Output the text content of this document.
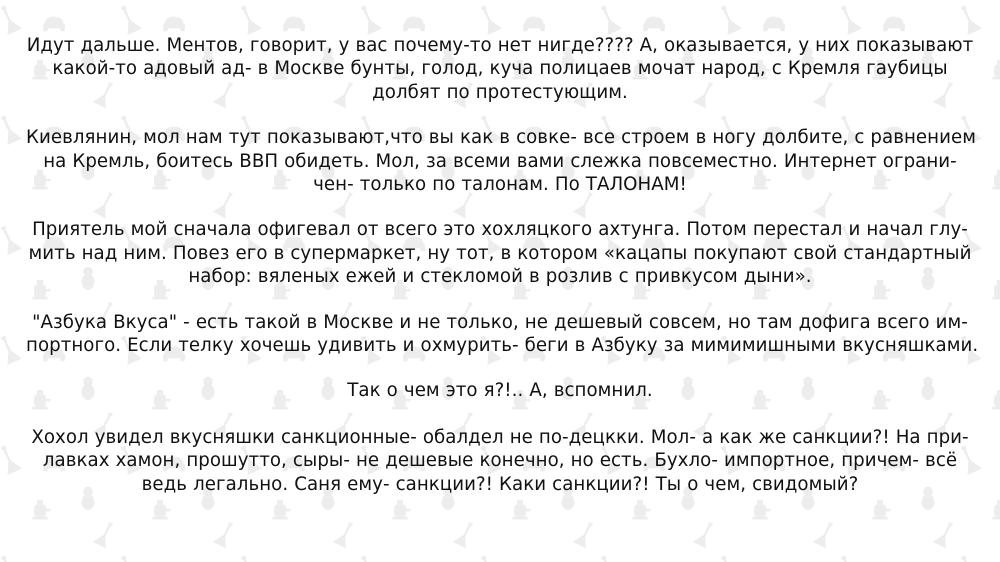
Идут дальше. Ментов, говорит, у вас почему-то нет нигде???? А, оказывается, у них показывают
какой-то адовый ад- в Москве бунты, голод, куча полицаев мочат народ, с Кремля гаубицы
долбят по протестующим.

Киевлянин, мол нам тут показывают,что вы как в совке- все строем в ногу долбите, с равнением
на Кремль, боитесь ВВП обидеть. Мол, за всеми вами слежка повсеместно. Интернет ограни-
чен- только по талонам. По ТАЛОНАМ!

Приятель мой сначала офигевал от всего это хохляцкого ахтунга. Потом перестал и начал глу-
мить над ним. Повез его в супермаркет, ну тот, в котором «кацапы покупают свой стандартный
набор: вяленых ежей и стекломой в розлив с привкусом дыни».

"Азбука Вкуса" - есть такой в Москве и не только, не дешевый совсем, но там дофига всего им-
портного. Если телку хочешь удивить и охмурить- беги в Азбуку за мимимишными вкусняшками.

Так о чем это я?!.. А, вспомнил.

Хохол увидел вкусняшки санкционные- обалдел не по-децкки. Мол- а как же санкции?! На при-
лавках хамон, прошутто, сыры- не дешевые конечно, но есть. Бухло- импортное, причем- всё
ведь легально. Саня ему- санкции?! Каки санкции?! Ты о чем, свидомый?
